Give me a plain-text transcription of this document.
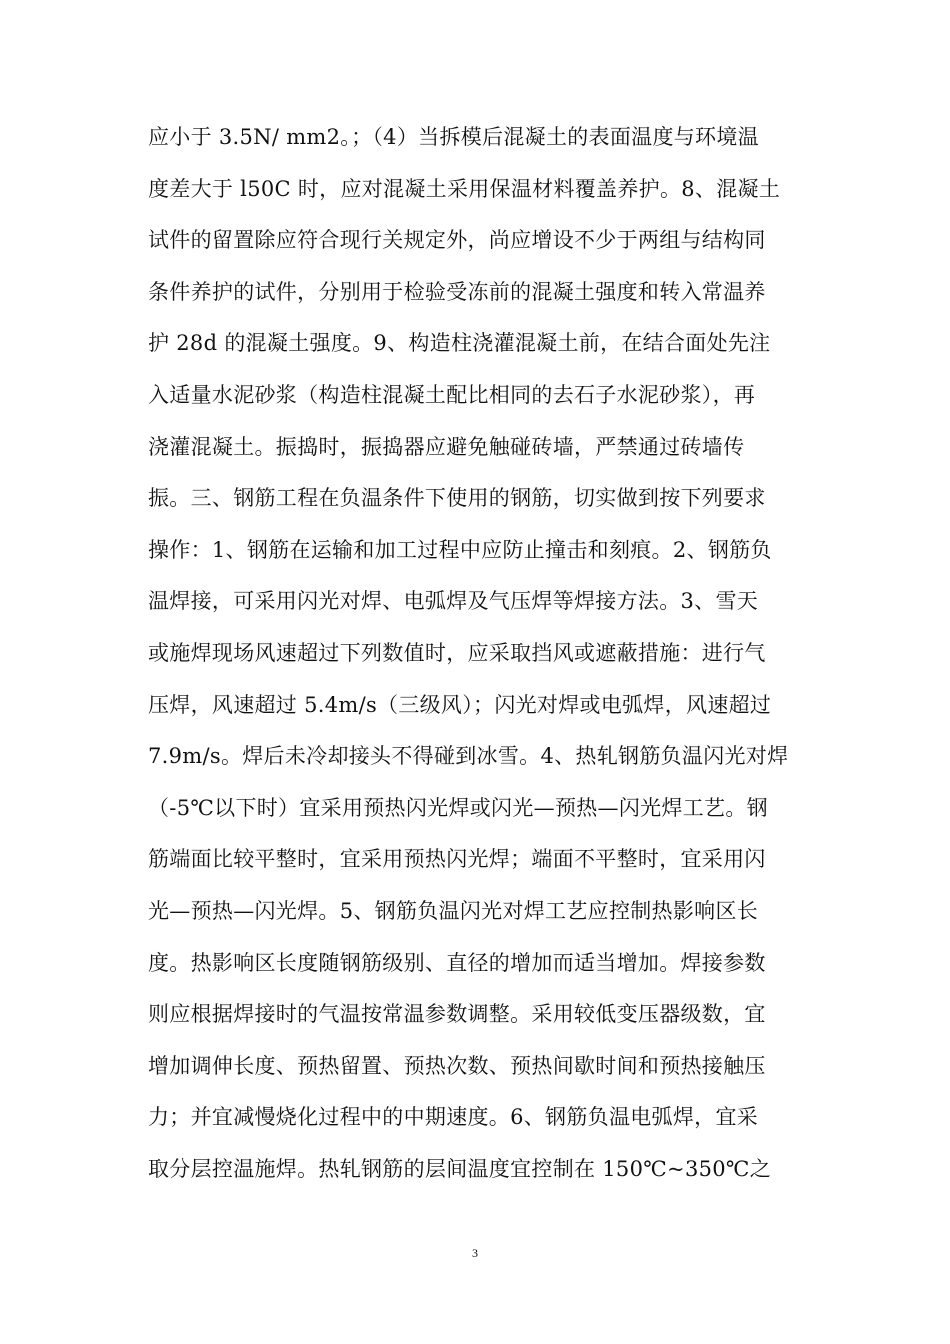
应小于 3.5N/ mm2。；（4）当拆模后混凝土的表面温度与环境温
度差大于 l50C 时，应对混凝土采用保温材料覆盖养护。8、混凝土
试件的留置除应符合现行关规定外，尚应增设不少于两组与结构同
条件养护的试件，分别用于检验受冻前的混凝土强度和转入常温养
护 28d 的混凝土强度。9、构造柱浇灌混凝土前，在结合面处先注
入适量水泥砂浆（构造柱混凝土配比相同的去石子水泥砂浆），再
浇灌混凝土。振捣时，振捣器应避免触碰砖墙，严禁通过砖墙传
振。三、钢筋工程在负温条件下使用的钢筋，切实做到按下列要求
操作：1、钢筋在运输和加工过程中应防止撞击和刻痕。2、钢筋负
温焊接，可采用闪光对焊、电弧焊及气压焊等焊接方法。3、雪天
或施焊现场风速超过下列数值时，应采取挡风或遮蔽措施：进行气
压焊，风速超过 5.4m/s（三级风）；闪光对焊或电弧焊，风速超过
7.9m/s。焊后未冷却接头不得碰到冰雪。4、热轧钢筋负温闪光对焊
（-5℃以下时）宜采用预热闪光焊或闪光—预热—闪光焊工艺。钢
筋端面比较平整时，宜采用预热闪光焊；端面不平整时，宜采用闪
光—预热—闪光焊。5、钢筋负温闪光对焊工艺应控制热影响区长
度。热影响区长度随钢筋级别、直径的增加而适当增加。焊接参数
则应根据焊接时的气温按常温参数调整。采用较低变压器级数，宜
增加调伸长度、预热留置、预热次数、预热间歇时间和预热接触压
力；并宜减慢烧化过程中的中期速度。6、钢筋负温电弧焊，宜采
取分层控温施焊。热轧钢筋的层间温度宜控制在 150℃~350℃之
3
